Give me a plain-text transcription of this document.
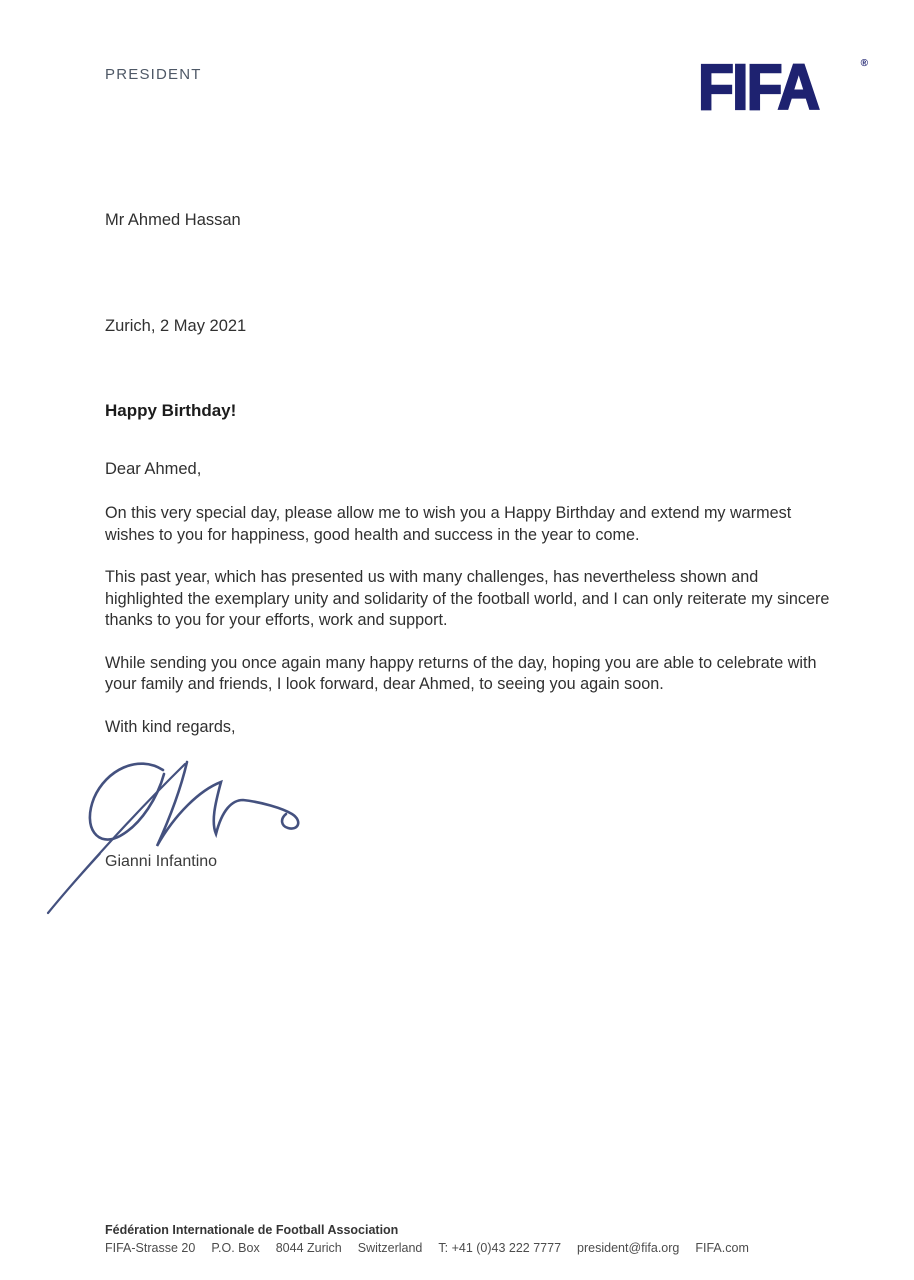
PRESIDENT	FIFA	®
Mr Ahmed Hassan
Zurich, 2 May 2021
Happy Birthday!
Dear Ahmed,

On this very special day, please allow me to wish you a Happy Birthday and extend my warmest wishes to you for happiness, good health and success in the year to come.

This past year, which has presented us with many challenges, has nevertheless shown and highlighted the exemplary unity and solidarity of the football world, and I can only reiterate my sincere thanks to you for your efforts, work and support.

While sending you once again many happy returns of the day, hoping you are able to celebrate with your family and friends, I look forward, dear Ahmed, to seeing you again soon.

With kind regards,

Gianni Infantino
Fédération Internationale de Football Association
FIFA-Strasse 20 P.O. Box 8044 Zurich Switzerland T: +41 (0)43 222 7777 president@fifa.org FIFA.com
